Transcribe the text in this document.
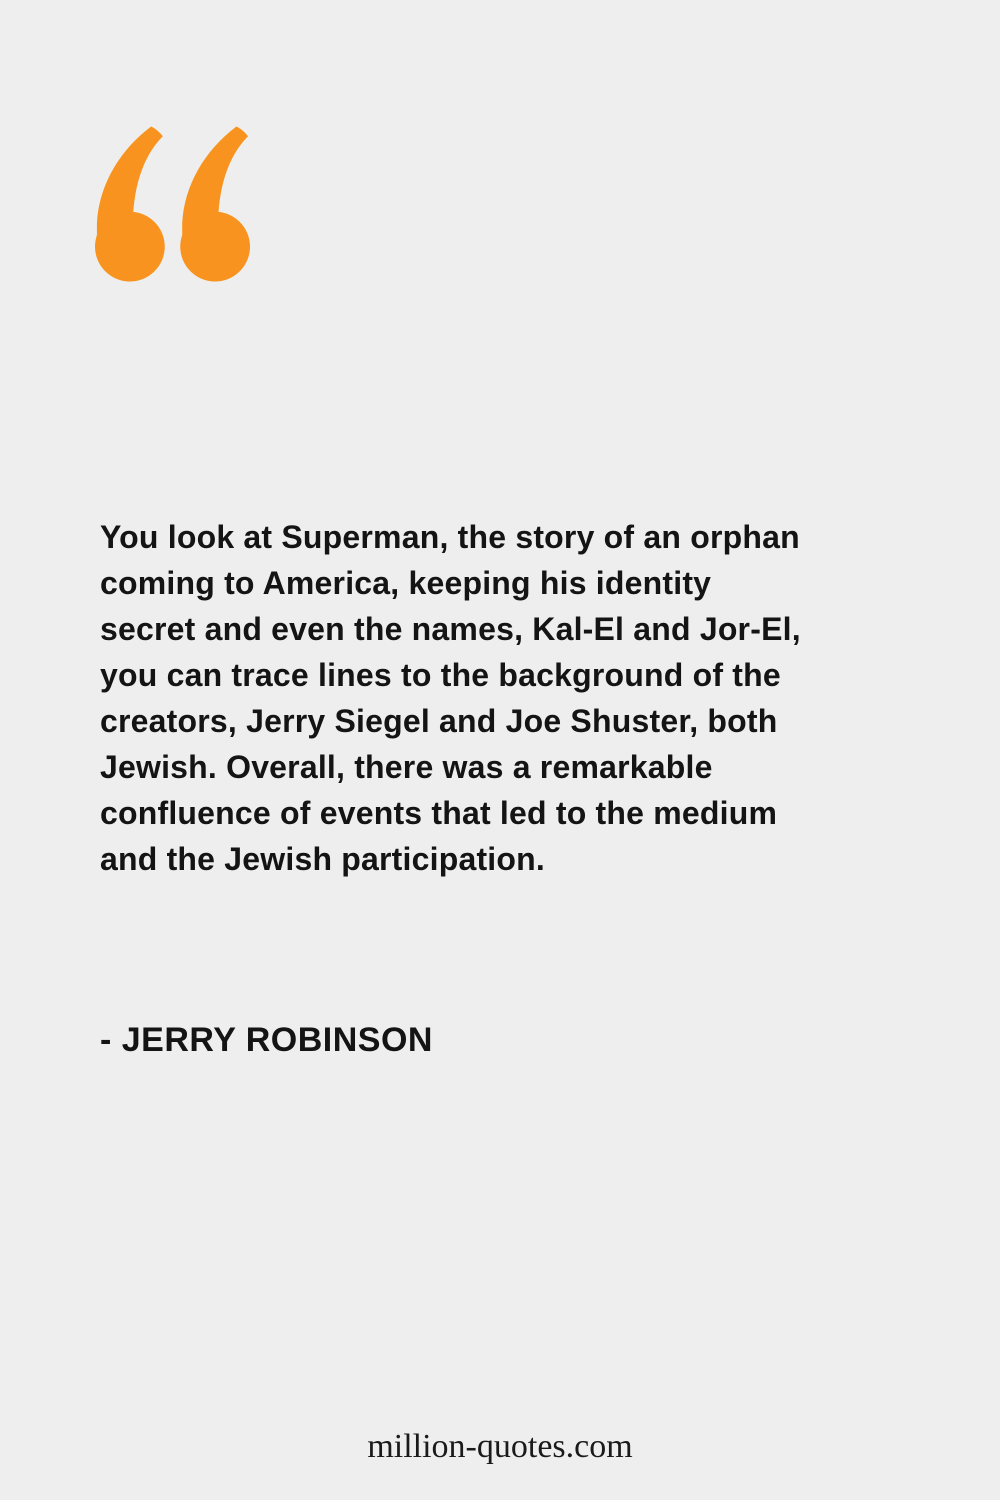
You look at Superman, the story of an orphan coming to America, keeping his identity secret and even the names, Kal-El and Jor-El, you can trace lines to the background of the creators, Jerry Siegel and Joe Shuster, both Jewish. Overall, there was a remarkable confluence of events that led to the medium and the Jewish participation.

- JERRY ROBINSON
million-quotes.com
